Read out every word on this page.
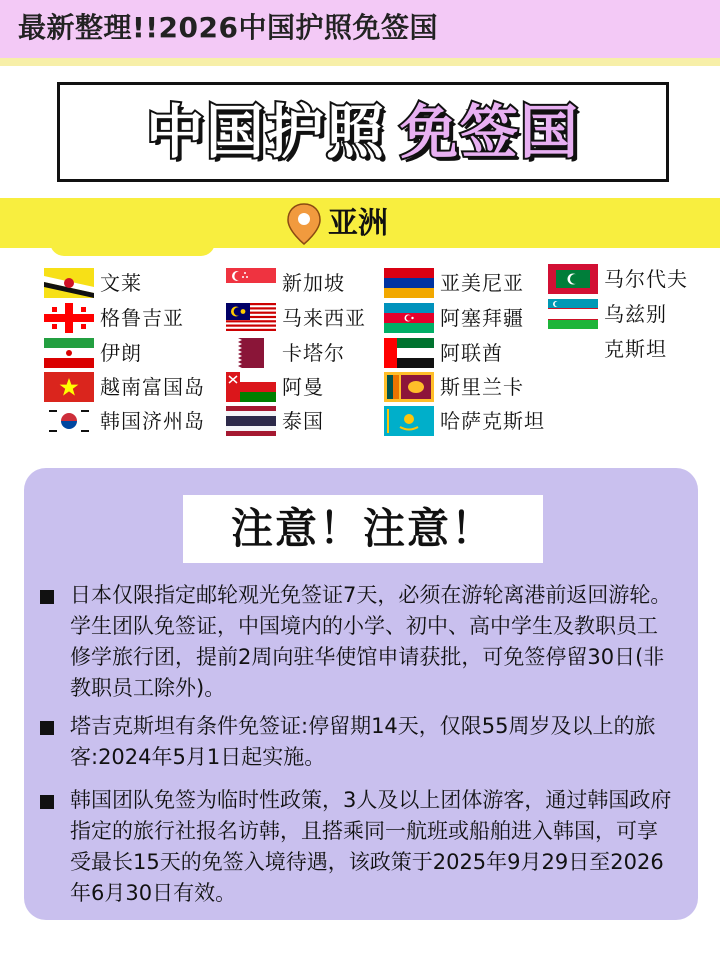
最新整理!!2026中国护照免签国
中国护照 免签国
亚洲
文莱
格鲁吉亚
伊朗
越南富国岛
韩国济州岛
新加坡
马来西亚
卡塔尔
阿曼
泰国
亚美尼亚
阿塞拜疆
阿联酋
斯里兰卡
哈萨克斯坦
马尔代夫
乌兹别
克斯坦
注意！注意！
日本仅限指定邮轮观光免签证7天，必须在游轮离港前返回游轮。学生团队免签证，中国境内的小学、初中、高中学生及教职员工修学旅行团，提前2周向驻华使馆申请获批，可免签停留30日(非教职员工除外)。
塔吉克斯坦有条件免签证:停留期14天，仅限55周岁及以上的旅客:2024年5月1日起实施。
韩国团队免签为临时性政策，3人及以上团体游客，通过韩国政府指定的旅行社报名访韩，且搭乘同一航班或船舶进入韩国，可享受最长15天的免签入境待遇，该政策于2025年9月29日至2026年6月30日有效。
